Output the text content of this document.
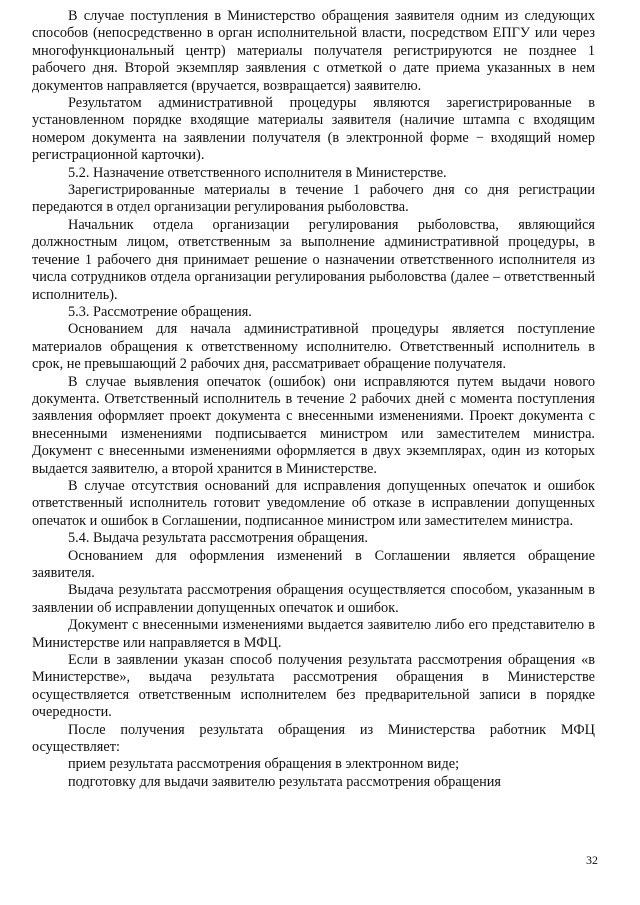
В случае поступления в Министерство обращения заявителя одним из следующих способов (непосредственно в орган исполнительной власти, посредством ЕПГУ или через многофункциональный центр) материалы получателя регистрируются не позднее 1 рабочего дня. Второй экземпляр заявления с отметкой о дате приема указанных в нем документов направляется (вручается, возвращается) заявителю.

Результатом административной процедуры являются зарегистрированные в установленном порядке входящие материалы заявителя (наличие штампа с входящим номером документа на заявлении получателя (в электронной форме − входящий номер регистрационной карточки).

5.2. Назначение ответственного исполнителя в Министерстве.

Зарегистрированные материалы в течение 1 рабочего дня со дня регистрации передаются в отдел организации регулирования рыболовства.

Начальник отдела организации регулирования рыболовства, являющийся должностным лицом, ответственным за выполнение административной процедуры, в течение 1 рабочего дня принимает решение о назначении ответственного исполнителя из числа сотрудников отдела организации регулирования рыболовства (далее – ответственный исполнитель).

5.3. Рассмотрение обращения.

Основанием для начала административной процедуры является поступление материалов обращения к ответственному исполнителю. Ответственный исполнитель в срок, не превышающий 2 рабочих дня, рассматривает обращение получателя.

В случае выявления опечаток (ошибок) они исправляются путем выдачи нового документа. Ответственный исполнитель в течение 2 рабочих дней с момента поступления заявления оформляет проект документа с внесенными изменениями. Проект документа с внесенными изменениями подписывается министром или заместителем министра. Документ с внесенными изменениями оформляется в двух экземплярах, один из которых выдается заявителю, а второй хранится в Министерстве.

В случае отсутствия оснований для исправления допущенных опечаток и ошибок ответственный исполнитель готовит уведомление об отказе в исправлении допущенных опечаток и ошибок в Соглашении, подписанное министром или заместителем министра.

5.4. Выдача результата рассмотрения обращения.

Основанием для оформления изменений в Соглашении является обращение заявителя.

Выдача результата рассмотрения обращения осуществляется способом, указанным в заявлении об исправлении допущенных опечаток и ошибок.

Документ с внесенными изменениями выдается заявителю либо его представителю в Министерстве или направляется в МФЦ.

Если в заявлении указан способ получения результата рассмотрения обращения «в Министерстве», выдача результата рассмотрения обращения в Министерстве осуществляется ответственным исполнителем без предварительной записи в порядке очередности.

После получения результата обращения из Министерства работник МФЦ осуществляет:

прием результата рассмотрения обращения в электронном виде;

подготовку для выдачи заявителю результата рассмотрения обращения

32
